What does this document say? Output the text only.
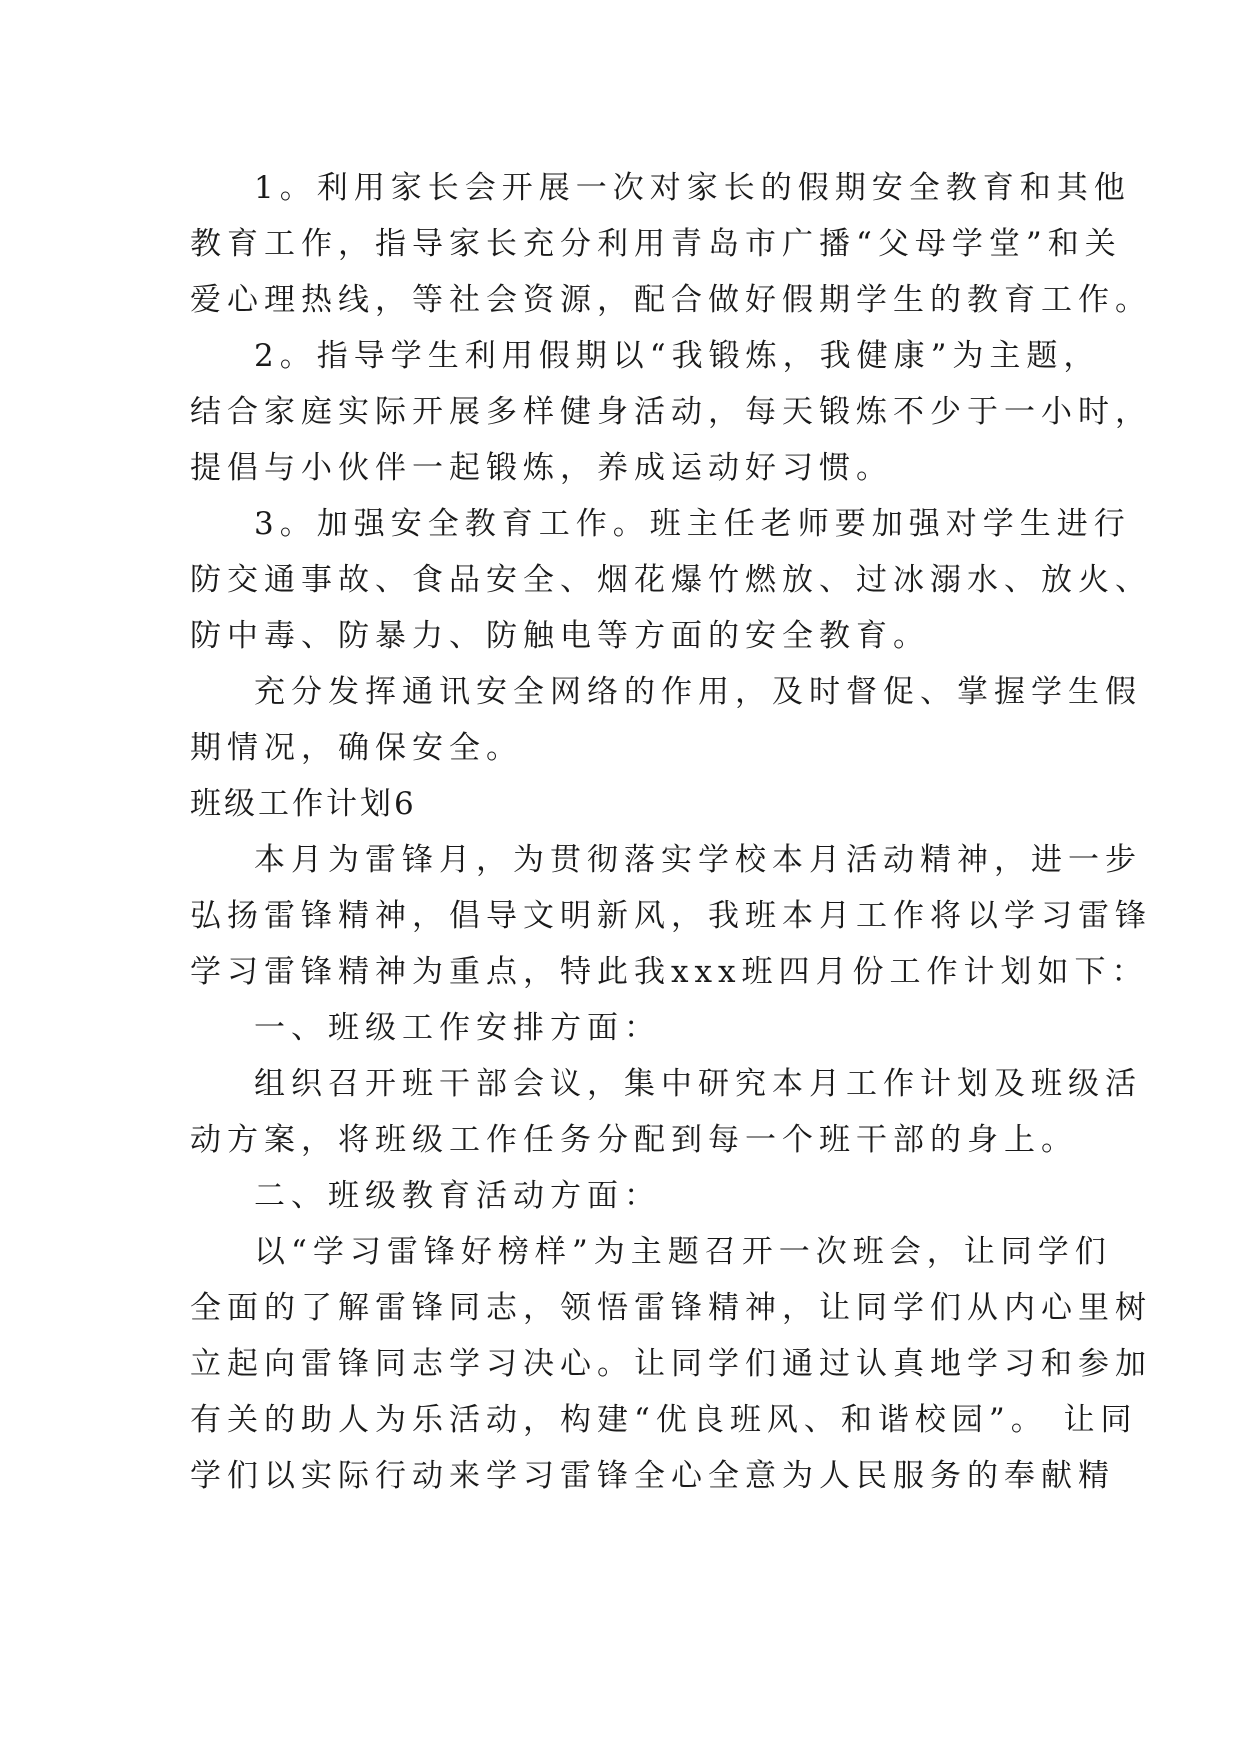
1。利用家长会开展一次对家长的假期安全教育和其他
教育工作，指导家长充分利用青岛市广播“父母学堂”和关
爱心理热线，等社会资源，配合做好假期学生的教育工作。
2。指导学生利用假期以“我锻炼，我健康”为主题，
结合家庭实际开展多样健身活动，每天锻炼不少于一小时，
提倡与小伙伴一起锻炼，养成运动好习惯。
3。加强安全教育工作。班主任老师要加强对学生进行
防交通事故、食品安全、烟花爆竹燃放、过冰溺水、放火、
防中毒、防暴力、防触电等方面的安全教育。
充分发挥通讯安全网络的作用，及时督促、掌握学生假
期情况，确保安全。
班级工作计划6
本月为雷锋月，为贯彻落实学校本月活动精神，进一步
弘扬雷锋精神，倡导文明新风，我班本月工作将以学习雷锋
学习雷锋精神为重点，特此我xxx班四月份工作计划如下：
一、班级工作安排方面：
组织召开班干部会议，集中研究本月工作计划及班级活
动方案，将班级工作任务分配到每一个班干部的身上。
二、班级教育活动方面：
以“学习雷锋好榜样”为主题召开一次班会，让同学们
全面的了解雷锋同志，领悟雷锋精神，让同学们从内心里树
立起向雷锋同志学习决心。让同学们通过认真地学习和参加
有关的助人为乐活动，构建“优良班风、和谐校园”。 让同
学们以实际行动来学习雷锋全心全意为人民服务的奉献精
